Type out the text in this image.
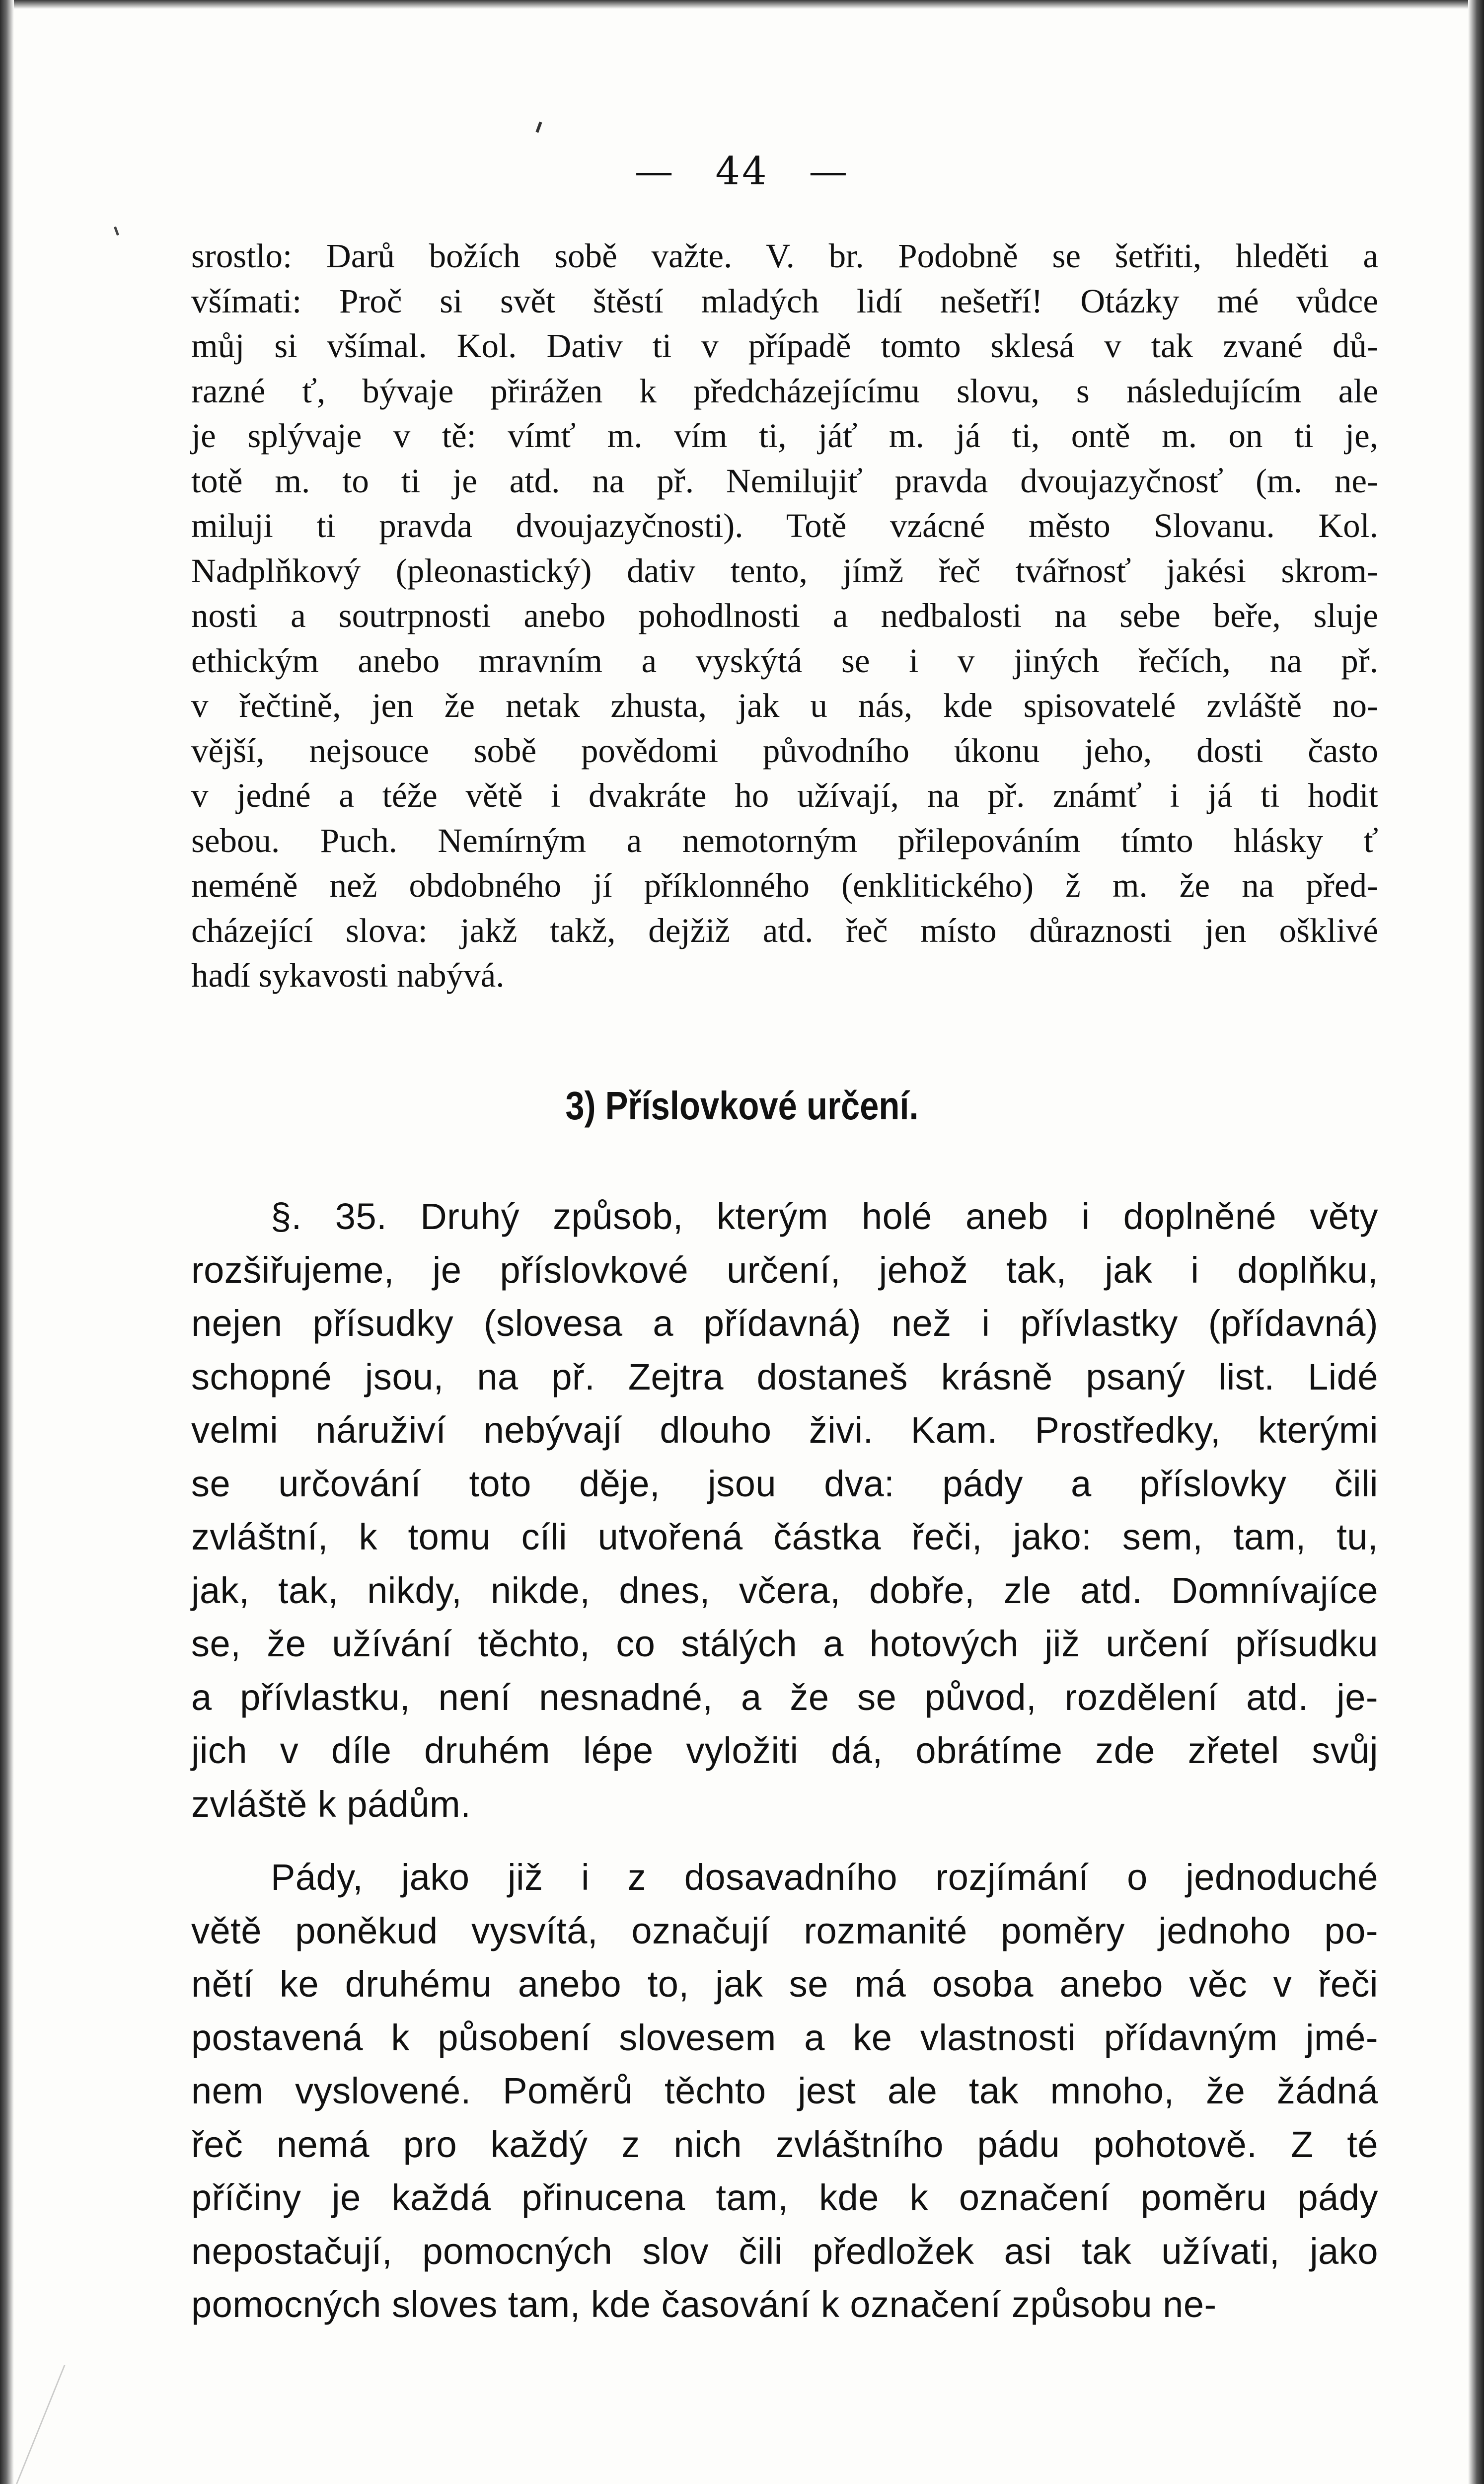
— 44 —
srostlo: Darů božích sobě važte. V. br. Podobně se šetřiti, hleděti a
všímati: Proč si svět štěstí mladých lidí nešetří! Otázky mé vůdce
můj si všímal. Kol. Dativ ti v případě tomto sklesá v tak zvané dů-
razné ť, bývaje přirážen k předcházejícímu slovu, s následujícím ale
je splývaje v tě: vímť m. vím ti, jáť m. já ti, ontě m. on ti je,
totě m. to ti je atd. na př. Nemilujiť pravda dvoujazyčnosť (m. ne-
miluji ti pravda dvoujazyčnosti). Totě vzácné město Slovanu. Kol.
Nadplňkový (pleonastický) dativ tento, jímž řeč tvářnosť jakési skrom-
nosti a soutrpnosti anebo pohodlnosti a nedbalosti na sebe beře, sluje
ethickým anebo mravním a vyskýtá se i v jiných řečích, na př.
v řečtině, jen že netak zhusta, jak u nás, kde spisovatelé zvláště no-
vější, nejsouce sobě povědomi původního úkonu jeho, dosti často
v jedné a téže větě i dvakráte ho užívají, na př. známť i já ti hodit
sebou. Puch. Nemírným a nemotorným přilepováním tímto hlásky ť
neméně než obdobného jí příklonného (enklitického) ž m. že na před-
cházející slova: jakž takž, dejžiž atd. řeč místo důraznosti jen ošklivé
hadí sykavosti nabývá.
3) Příslovkové určení.
§. 35. Druhý způsob, kterým holé aneb i doplněné věty
rozšiřujeme, je příslovkové určení, jehož tak, jak i doplňku,
nejen přísudky (slovesa a přídavná) než i přívlastky (přídavná)
schopné jsou, na př. Zejtra dostaneš krásně psaný list. Lidé
velmi náruživí nebývají dlouho živi. Kam. Prostředky, kterými
se určování toto děje, jsou dva: pády a příslovky čili
zvláštní, k tomu cíli utvořená částka řeči, jako: sem, tam, tu,
jak, tak, nikdy, nikde, dnes, včera, dobře, zle atd. Domnívajíce
se, že užívání těchto, co stálých a hotových již určení přísudku
a přívlastku, není nesnadné, a že se původ, rozdělení atd. je-
jich v díle druhém lépe vyložiti dá, obrátíme zde zřetel svůj
zvláště k pádům.
Pády, jako již i z dosavadního rozjímání o jednoduché
větě poněkud vysvítá, označují rozmanité poměry jednoho po-
nětí ke druhému anebo to, jak se má osoba anebo věc v řeči
postavená k působení slovesem a ke vlastnosti přídavným jmé-
nem vyslovené. Poměrů těchto jest ale tak mnoho, že žádná
řeč nemá pro každý z nich zvláštního pádu pohotově. Z té
příčiny je každá přinucena tam, kde k označení poměru pády
nepostačují, pomocných slov čili předložek asi tak užívati, jako
pomocných sloves tam, kde časování k označení způsobu ne-
